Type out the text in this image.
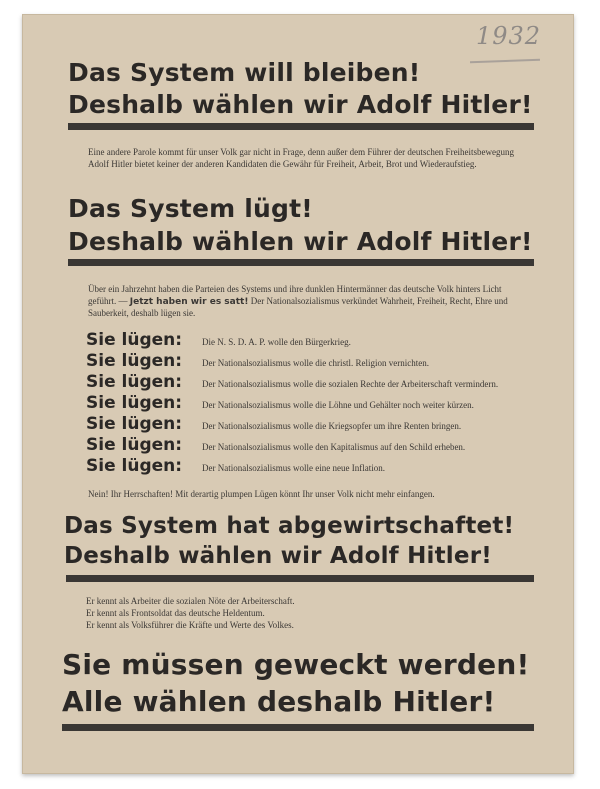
1932
Das System will bleiben!
Deshalb wählen wir Adolf Hitler!
Eine andere Parole kommt für unser Volk gar nicht in Frage, denn außer dem Führer der deutschen Freiheitsbewegung Adolf Hitler bietet keiner der anderen Kandidaten die Gewähr für Freiheit, Arbeit, Brot und Wiederaufstieg.
Das System lügt!
Deshalb wählen wir Adolf Hitler!
Über ein Jahrzehnt haben die Parteien des Systems und ihre dunklen Hintermänner das deutsche Volk hinters Licht geführt. — Jetzt haben wir es satt! Der Nationalsozialismus verkündet Wahrheit, Freiheit, Recht, Ehre und Sauberkeit, deshalb lügen sie.
Sie lügen:	Die N. S. D. A. P. wolle den Bürgerkrieg.
Sie lügen:	Der Nationalsozialismus wolle die christl. Religion vernichten.
Sie lügen:	Der Nationalsozialismus wolle die sozialen Rechte der Arbeiterschaft vermindern.
Sie lügen:	Der Nationalsozialismus wolle die Löhne und Gehälter noch weiter kürzen.
Sie lügen:	Der Nationalsozialismus wolle die Kriegsopfer um ihre Renten bringen.
Sie lügen:	Der Nationalsozialismus wolle den Kapitalismus auf den Schild erheben.
Sie lügen:	Der Nationalsozialismus wolle eine neue Inflation.
Nein! Ihr Herrschaften! Mit derartig plumpen Lügen könnt Ihr unser Volk nicht mehr einfangen.
Das System hat abgewirtschaftet!
Deshalb wählen wir Adolf Hitler!
Er kennt als Arbeiter die sozialen Nöte der Arbeiterschaft.
Er kennt als Frontsoldat das deutsche Heldentum.
Er kennt als Volksführer die Kräfte und Werte des Volkes.
Sie müssen geweckt werden!
Alle wählen deshalb Hitler!
